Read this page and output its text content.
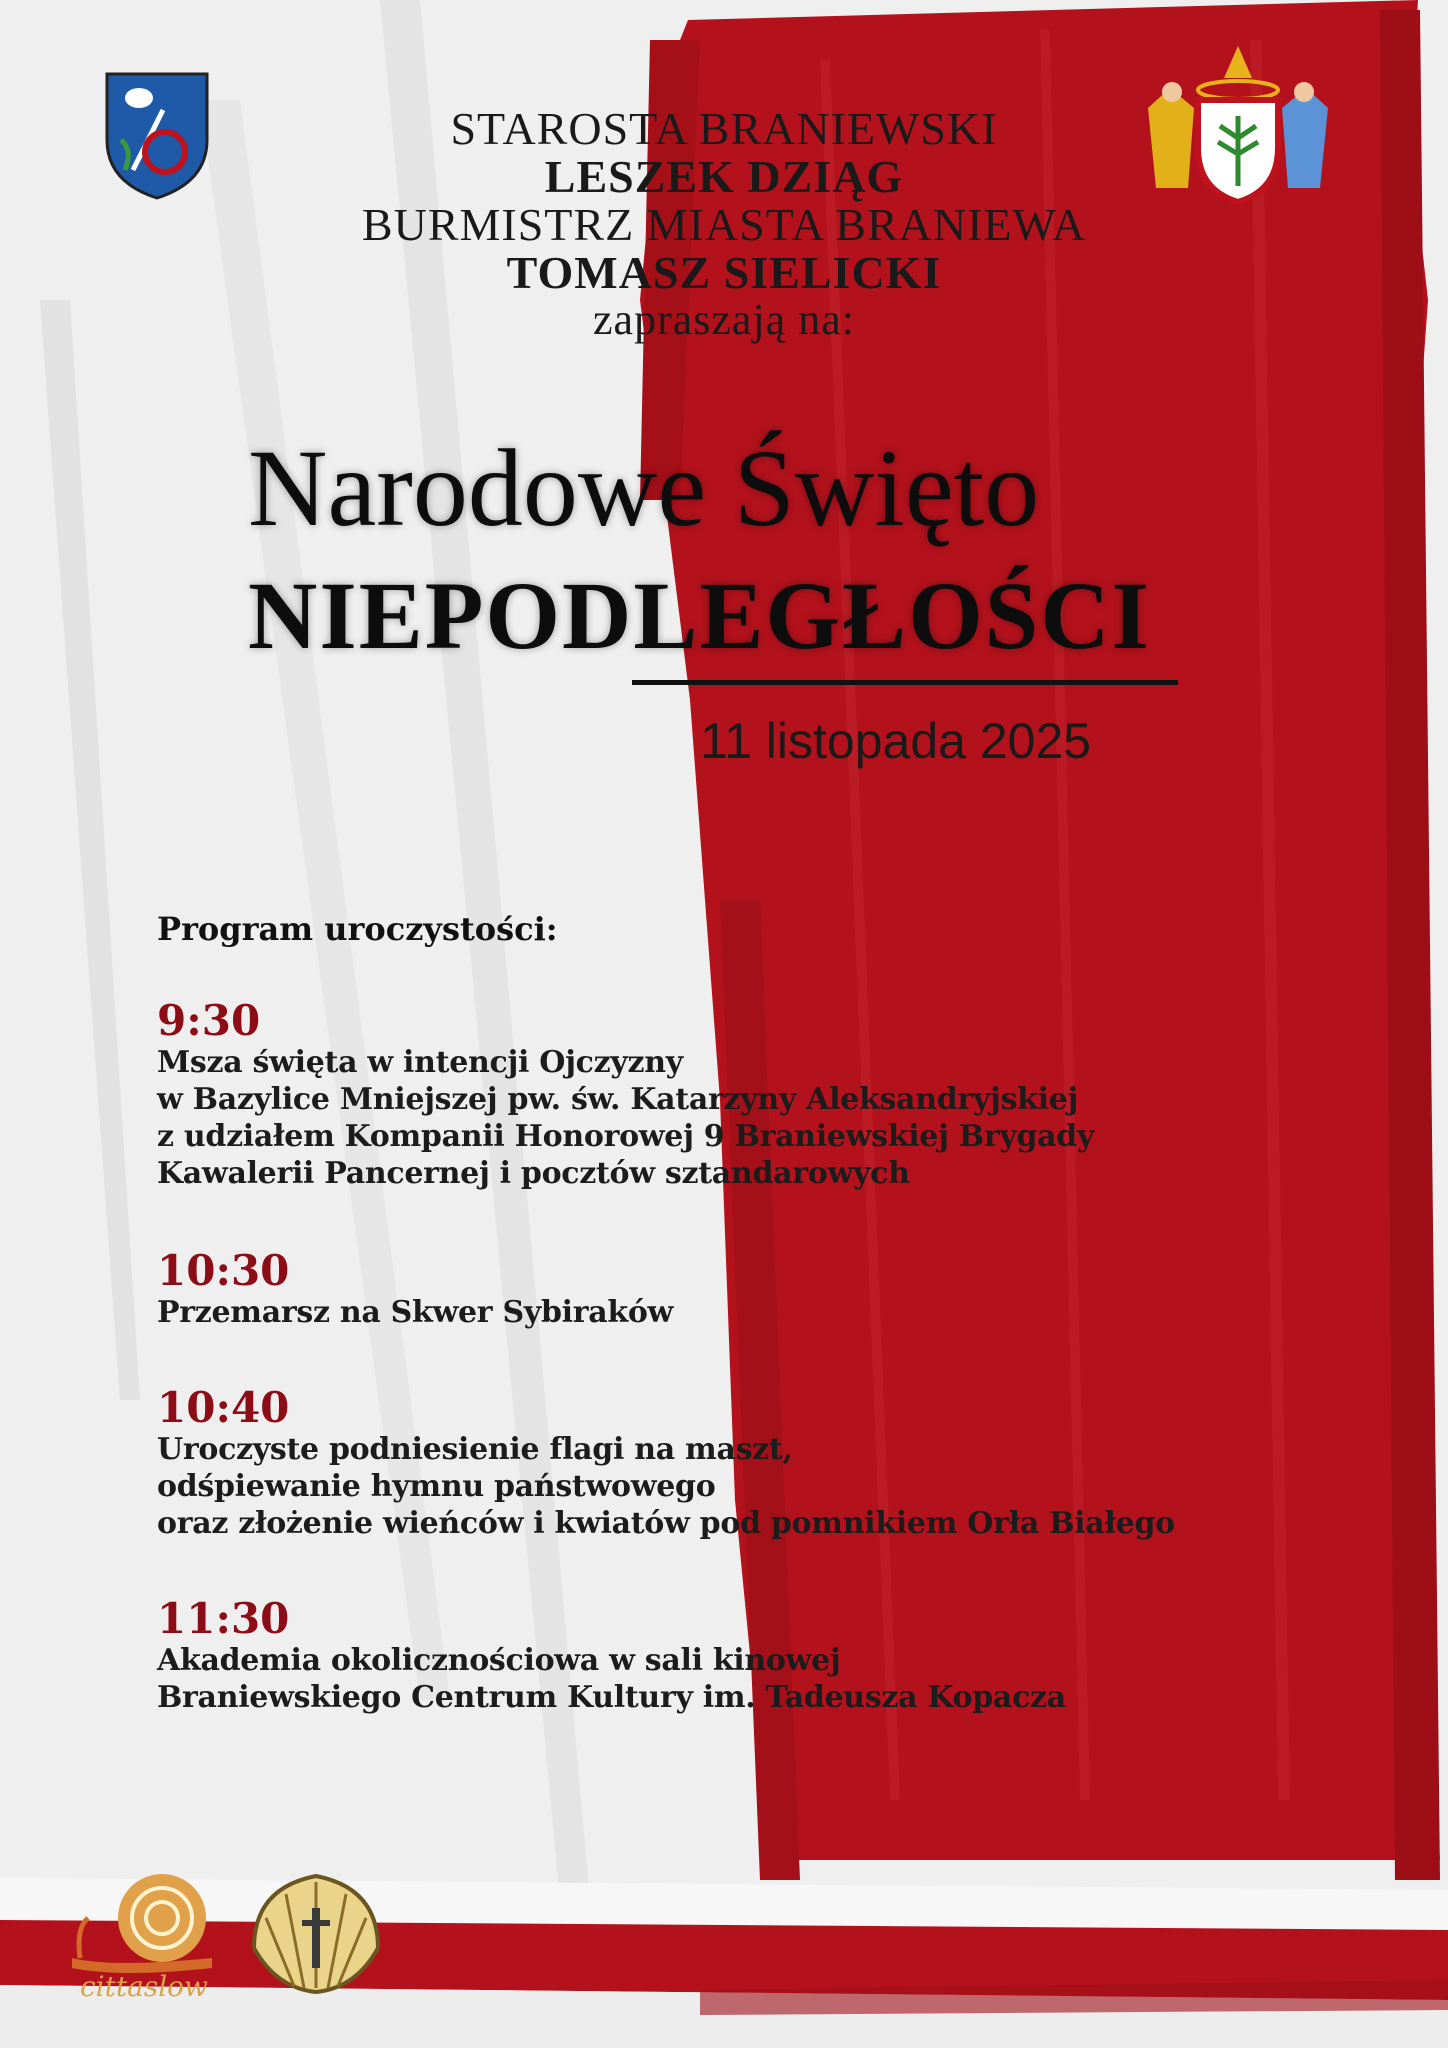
STAROSTA BRANIEWSKI
LESZEK DZIĄG
BURMISTRZ MIASTA BRANIEWA
TOMASZ SIELICKI
zapraszają na:
Narodowe Święto
NIEPODLEGŁOŚCI
11 listopada 2025
Program uroczystości:
9:30
Msza święta w intencji Ojczyzny
w Bazylice Mniejszej pw. św. Katarzyny Aleksandryjskiej
z udziałem Kompanii Honorowej 9 Braniewskiej Brygady
Kawalerii Pancernej i pocztów sztandarowych
10:30
Przemarsz na Skwer Sybiraków
10:40
Uroczyste podniesienie flagi na maszt,
odśpiewanie hymnu państwowego
oraz złożenie wieńców i kwiatów pod pomnikiem Orła Białego
11:30
Akademia okolicznościowa w sali kinowej
Braniewskiego Centrum Kultury im. Tadeusza Kopacza
cittaslow
